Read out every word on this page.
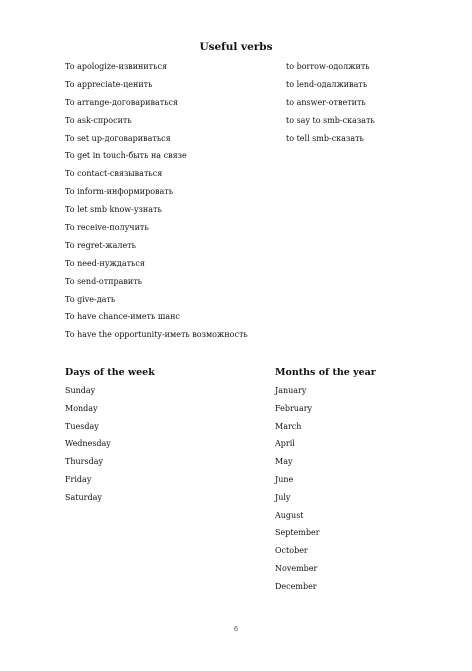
Useful verbs
To apologize-извиниться
To appreciate-ценить
To arrange-договариваться
To ask-спросить
To set up-договариваться
To get in touch-быть на связе
To contact-связываться
To inform-информировать
To let smb know-узнать
To receive-получить
To regret-жалеть
To need-нуждаться
To send-отправить
To give-дать
To have chance-иметь шанс
To have the opportunity-иметь возможность
to borrow-одолжить
to lend-одалживать
to answer-ответить
to say to smb-сказать
to tell smb-сказать
Days of the week	Months of the year
Sunday
Monday
Tuesday
Wednesday
Thursday
Friday
Saturday
January
February
March
April
May
June
July
August
September
October
November
December
6
